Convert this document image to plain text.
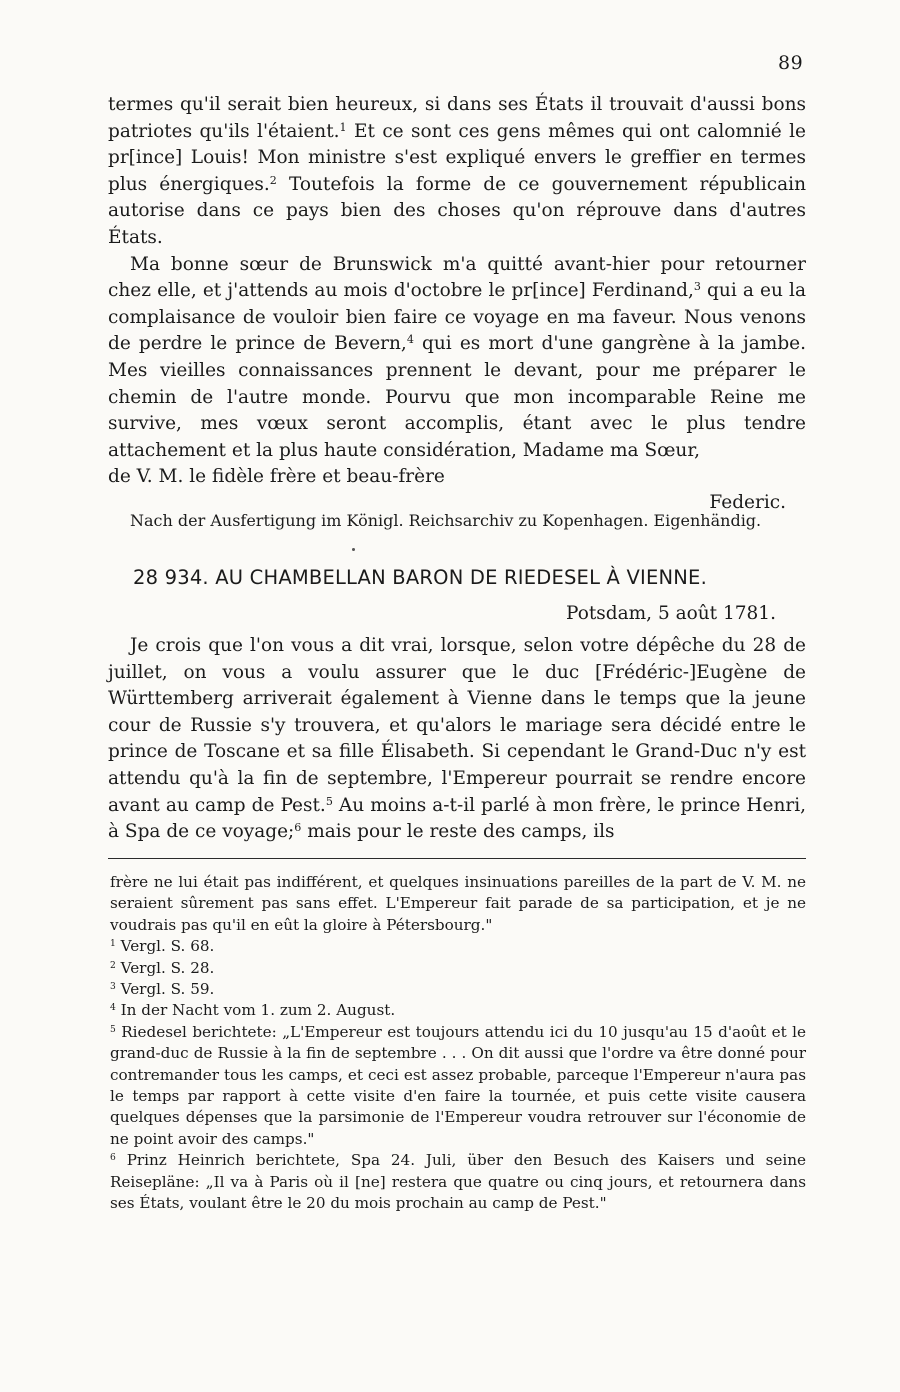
89

termes qu'il serait bien heureux, si dans ses États il trouvait d'aussi bons patriotes qu'ils l'étaient.$^1$ Et ce sont ces gens mêmes qui ont calomnié le pr[ince] Louis! Mon ministre s'est expliqué envers le greffier en termes plus énergiques.$^2$ Toutefois la forme de ce gouvernement républicain autorise dans ce pays bien des choses qu'on réprouve dans d'autres États.

Ma bonne sœur de Brunswick m'a quitté avant-hier pour retourner chez elle, et j'attends au mois d'octobre le pr[ince] Ferdinand,$^3$ qui a eu la complaisance de vouloir bien faire ce voyage en ma faveur. Nous venons de perdre le prince de Bevern,$^4$ qui es mort d'une gangrène à la jambe. Mes vieilles connaissances prennent le devant, pour me préparer le chemin de l'autre monde. Pourvu que mon incomparable Reine me survive, mes vœux seront accomplis, étant avec le plus tendre attachement et la plus haute considération, Madame ma Sœur,

de V. M. le fidèle frère et beau-frère
Federic.
Nach der Ausfertigung im Königl. Reichsarchiv zu Kopenhagen. Eigenhändig.
28 934. AU CHAMBELLAN BARON DE RIEDESEL À VIENNE.
Potsdam, 5 août 1781.

Je crois que l'on vous a dit vrai, lorsque, selon votre dépêche du 28 de juillet, on vous a voulu assurer que le duc [Frédéric-]Eugène de Württemberg arriverait également à Vienne dans le temps que la jeune cour de Russie s'y trouvera, et qu'alors le mariage sera décidé entre le prince de Toscane et sa fille Élisabeth. Si cependant le Grand-Duc n'y est attendu qu'à la fin de septembre, l'Empereur pourrait se rendre encore avant au camp de Pest.$^5$ Au moins a-t-il parlé à mon frère, le prince Henri, à Spa de ce voyage;$^6$ mais pour le reste des camps, ils

frère ne lui était pas indifférent, et quelques insinuations pareilles de la part de V. M. ne seraient sûrement pas sans effet. L'Empereur fait parade de sa participation, et je ne voudrais pas qu'il en eût la gloire à Pétersbourg."

$^1$ Vergl. S. 68.

$^2$ Vergl. S. 28.

$^3$ Vergl. S. 59.

$^4$ In der Nacht vom 1. zum 2. August.

$^5$ Riedesel berichtete: „L'Empereur est toujours attendu ici du 10 jusqu'au 15 d'août et le grand-duc de Russie à la fin de septembre . . . On dit aussi que l'ordre va être donné pour contremander tous les camps, et ceci est assez probable, parceque l'Empereur n'aura pas le temps par rapport à cette visite d'en faire la tournée, et puis cette visite causera quelques dépenses que la parsimonie de l'Empereur voudra retrouver sur l'économie de ne point avoir des camps."

$^6$ Prinz Heinrich berichtete, Spa 24. Juli, über den Besuch des Kaisers und seine Reisepläne: „Il va à Paris où il [ne] restera que quatre ou cinq jours, et retournera dans ses États, voulant être le 20 du mois prochain au camp de Pest."
